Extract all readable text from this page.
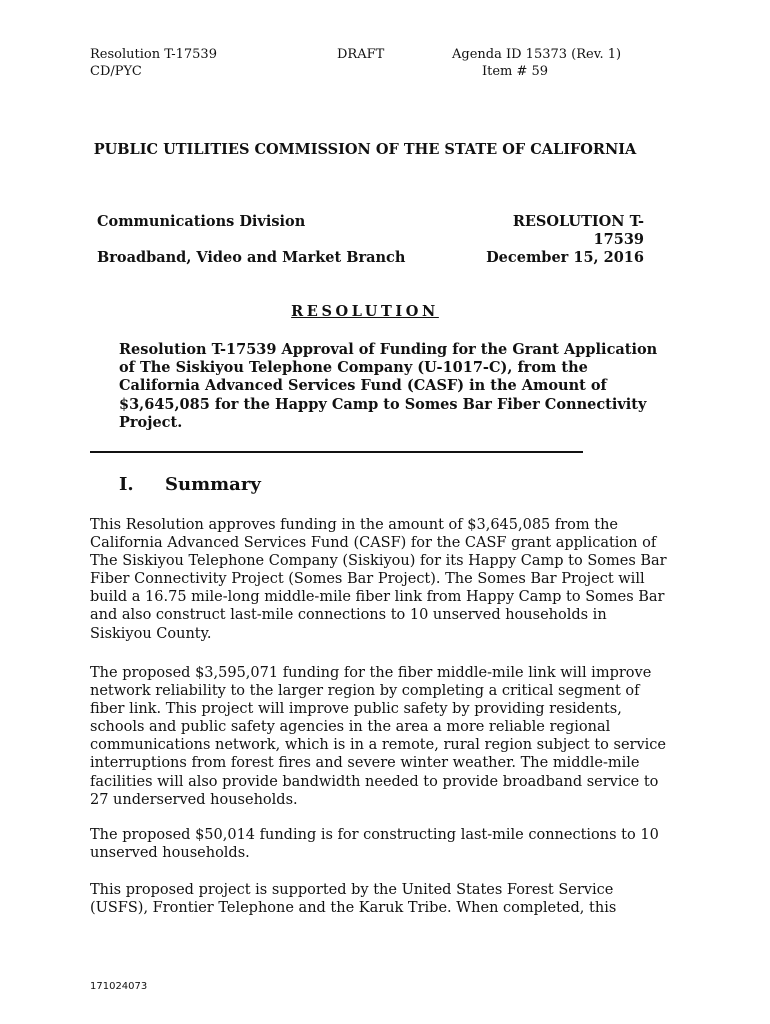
Resolution T-17539
CD/PYC
DRAFT	Agenda ID 15373 (Rev. 1)
Item # 59
PUBLIC UTILITIES COMMISSION OF THE STATE OF CALIFORNIA
Communications Division
Broadband, Video and Market Branch
RESOLUTION T-
17539
December 15, 2016
RESOLUTION
Resolution T-17539 Approval of Funding for the Grant Application of The Siskiyou Telephone Company (U-1017-C), from the California Advanced Services Fund (CASF) in the Amount of $3,645,085 for the Happy Camp to Somes Bar Fiber Connectivity Project.
I. Summary

This Resolution approves funding in the amount of $3,645,085 from the California Advanced Services Fund (CASF) for the CASF grant application of The Siskiyou Telephone Company (Siskiyou) for its Happy Camp to Somes Bar Fiber Connectivity Project (Somes Bar Project). The Somes Bar Project will build a 16.75 mile-long middle-mile fiber link from Happy Camp to Somes Bar and also construct last-mile connections to 10 unserved households in Siskiyou County.

The proposed $3,595,071 funding for the fiber middle-mile link will improve network reliability to the larger region by completing a critical segment of fiber link. This project will improve public safety by providing residents, schools and public safety agencies in the area a more reliable regional communications network, which is in a remote, rural region subject to service interruptions from forest fires and severe winter weather. The middle-mile facilities will also provide bandwidth needed to provide broadband service to 27 underserved households.

The proposed $50,014 funding is for constructing last-mile connections to 10 unserved households.

This proposed project is supported by the United States Forest Service (USFS), Frontier Telephone and the Karuk Tribe. When completed, this

171024073
